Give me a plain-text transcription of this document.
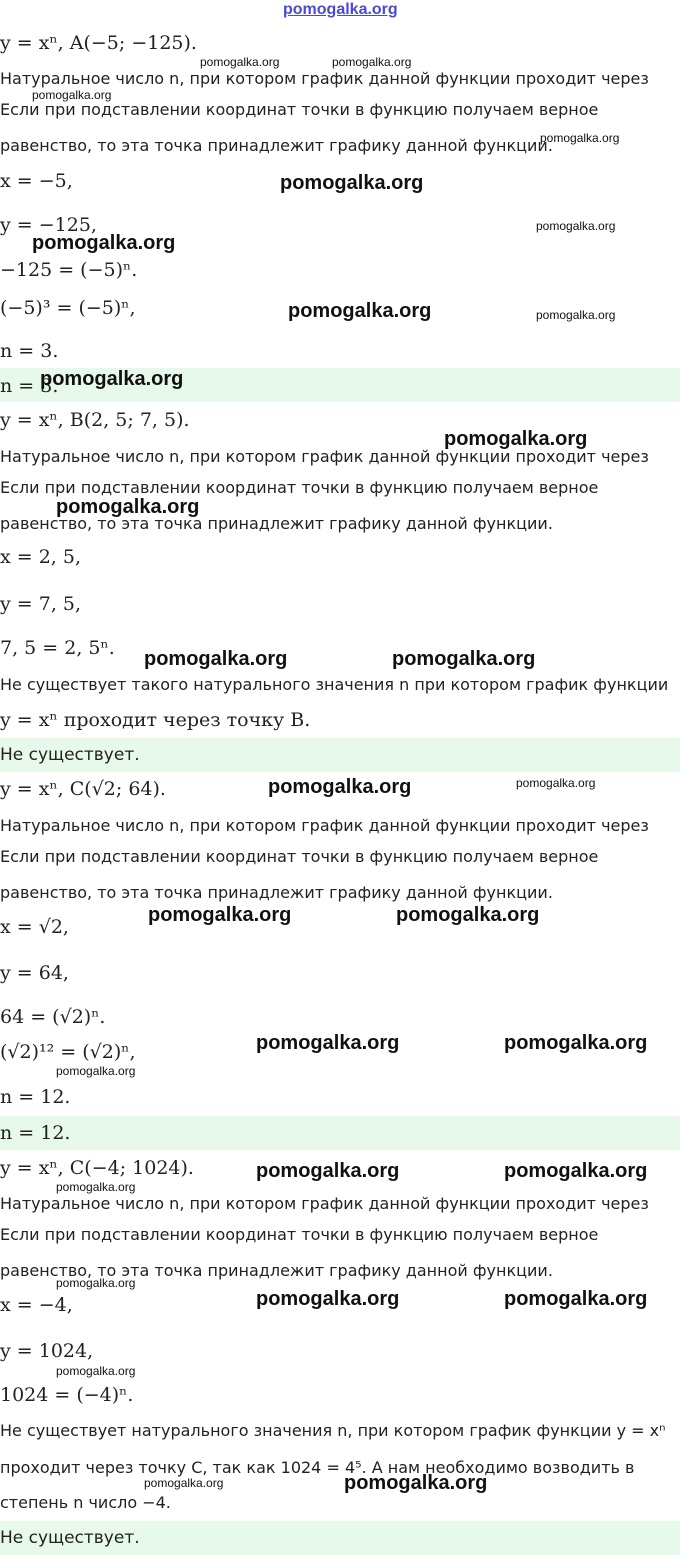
pomogalka.org
y = xⁿ, A(−5; −125).
Натуральное число n, при котором график данной функции проходит через
Если при подставлении координат точки в функцию получаем верное
равенство, то эта точка принадлежит графику данной функции.
x = −5,
y = −125,
−125 = (−5)ⁿ.
(−5)³ = (−5)ⁿ,
n = 3.
n = 3.
y = xⁿ, B(2, 5; 7, 5).
Натуральное число n, при котором график данной функции проходит через
Если при подставлении координат точки в функцию получаем верное
равенство, то эта точка принадлежит графику данной функции.
x = 2, 5,
y = 7, 5,
7, 5 = 2, 5ⁿ.
Не существует такого натурального значения n при котором график функции
y = xⁿ проходит через точку B.
Не существует.
y = xⁿ, C(√2; 64).
Натуральное число n, при котором график данной функции проходит через
Если при подставлении координат точки в функцию получаем верное
равенство, то эта точка принадлежит графику данной функции.
x = √2,
y = 64,
64 = (√2)ⁿ.
(√2)¹² = (√2)ⁿ,
n = 12.
n = 12.
y = xⁿ, C(−4; 1024).
Натуральное число n, при котором график данной функции проходит через
Если при подставлении координат точки в функцию получаем верное
равенство, то эта точка принадлежит графику данной функции.
x = −4,
y = 1024,
1024 = (−4)ⁿ.
Не существует натурального значения n, при котором график функции y = xⁿ
проходит через точку C, так как 1024 = 4⁵. А нам необходимо возводить в
степень n число −4.
Не существует.
pomogalka.org	pomogalka.org
pomogalka.org
pomogalka.org
pomogalka.org
pomogalka.org
pomogalka.org
pomogalka.org	pomogalka.org
pomogalka.org
pomogalka.org
pomogalka.org
pomogalka.org	pomogalka.org
pomogalka.org	pomogalka.org
pomogalka.org	pomogalka.org
pomogalka.org	pomogalka.org
pomogalka.org
pomogalka.org	pomogalka.org
pomogalka.org
pomogalka.org
pomogalka.org	pomogalka.org
pomogalka.org
pomogalka.org	pomogalka.org
